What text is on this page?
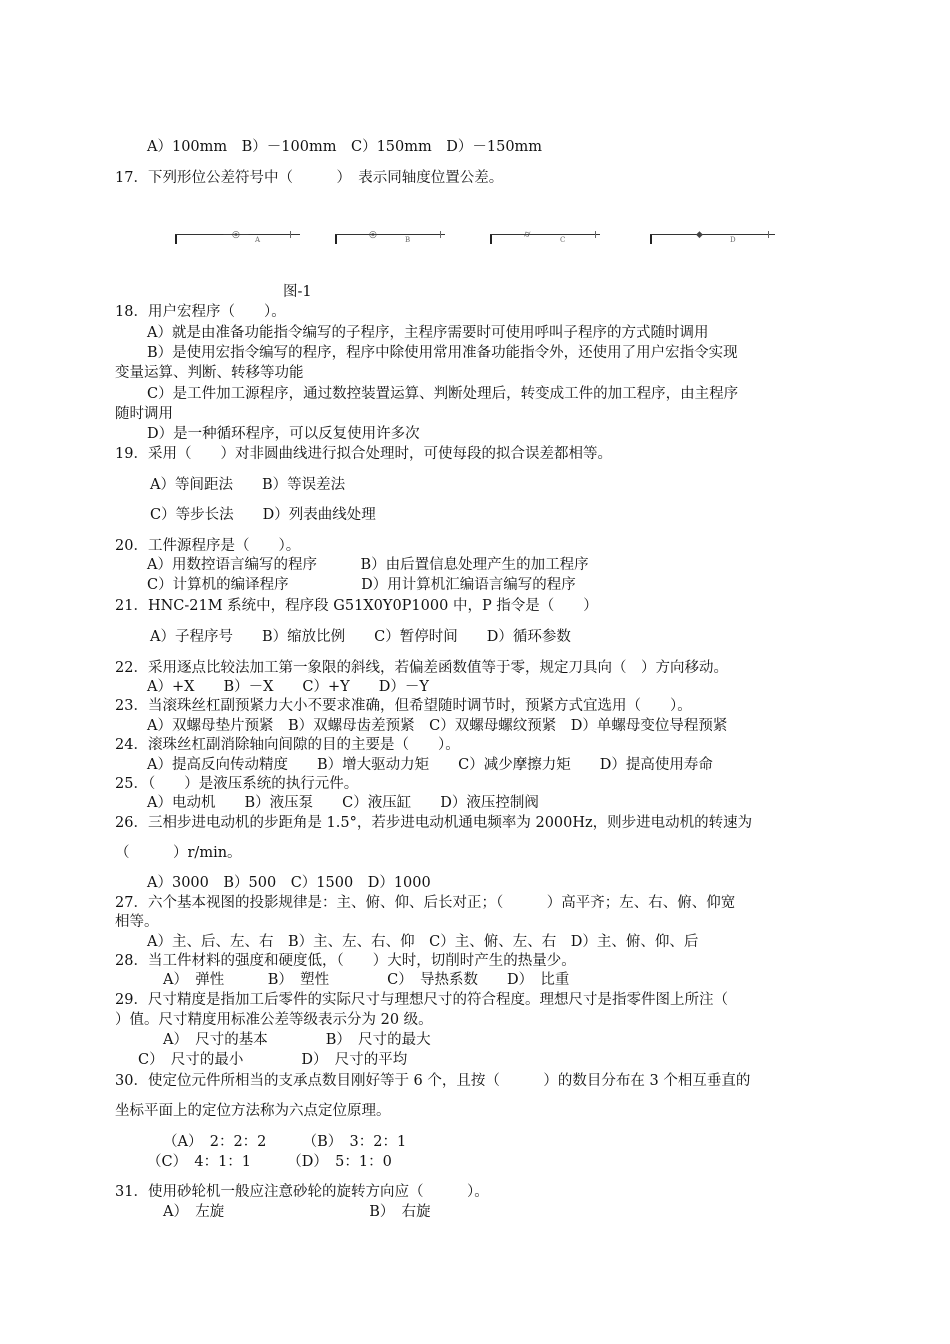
A）100mm　B）－100mm　C）150mm　D）－150mm
17．下列形位公差符号中（　　　）　表示同轴度位置公差。
—◎— A	◎	B	⌭	C	◆	D
图-1
18．用户宏程序（　　）。
A）就是由准备功能指令编写的子程序，主程序需要时可使用呼叫子程序的方式随时调用
B）是使用宏指令编写的程序，程序中除使用常用准备功能指令外，还使用了用户宏指令实现
变量运算、判断、转移等功能
C）是工件加工源程序，通过数控装置运算、判断处理后，转变成工件的加工程序，由主程序
随时调用
D）是一种循环程序，可以反复使用许多次
19．采用（　　）对非圆曲线进行拟合处理时，可使每段的拟合误差都相等。
A）等间距法　　B）等误差法
C）等步长法　　D）列表曲线处理
20．工件源程序是（　　）。
A）用数控语言编写的程序　　　B）由后置信息处理产生的加工程序
C）计算机的编译程序　　　　　D）用计算机汇编语言编写的程序
21．HNC-21M 系统中，程序段 G51X0Y0P1000 中，P 指令是（　　）
A）子程序号　　B）缩放比例　　C）暂停时间　　D）循环参数
22．采用逐点比较法加工第一象限的斜线，若偏差函数值等于零，规定刀具向（　）方向移动。
A）+X　　B）－X　　C）+Y　　D）－Y
23．当滚珠丝杠副预紧力大小不要求准确，但希望随时调节时，预紧方式宜选用（　　）。
A）双螺母垫片预紧　B）双螺母齿差预紧　C）双螺母螺纹预紧　D）单螺母变位导程预紧
24．滚珠丝杠副消除轴向间隙的目的主要是（　　）。
A）提高反向传动精度　　B）增大驱动力矩　　C）减少摩擦力矩　　D）提高使用寿命
25．（　　）是液压系统的执行元件。
A）电动机　　B）液压泵　　C）液压缸　　D）液压控制阀
26．三相步进电动机的步距角是 1.5°，若步进电动机通电频率为 2000Hz，则步进电动机的转速为
（　　　）r/min。
A）3000　B）500　C）1500　D）1000
27．六个基本视图的投影规律是：主、俯、仰、后长对正；（　　　）高平齐；左、右、俯、仰宽
相等。
A）主、后、左、右　B）主、左、右、仰　C）主、俯、左、右　D）主、俯、仰、后
28．当工件材料的强度和硬度低，（　　）大时，切削时产生的热量少。
A）　弹性　　　B）　塑性　　　　C）　导热系数　　D）　比重
29．尺寸精度是指加工后零件的实际尺寸与理想尺寸的符合程度。理想尺寸是指零件图上所注（
）值。尺寸精度用标准公差等级表示分为 20 级。
A）　尺寸的基本　　　　B）　尺寸的最大
C）　尺寸的最小　　　　D）　尺寸的平均
30．使定位元件所相当的支承点数目刚好等于 6 个，且按（　　　）的数目分布在 3 个相互垂直的
坐标平面上的定位方法称为六点定位原理。
（A）　2：2：2　　　（B）　3：2：1
（C）　4：1：1　　　（D）　5：1：0
31．使用砂轮机一般应注意砂轮的旋转方向应（　　　）。
A）　左旋　　　　　　　　　　B）　右旋
